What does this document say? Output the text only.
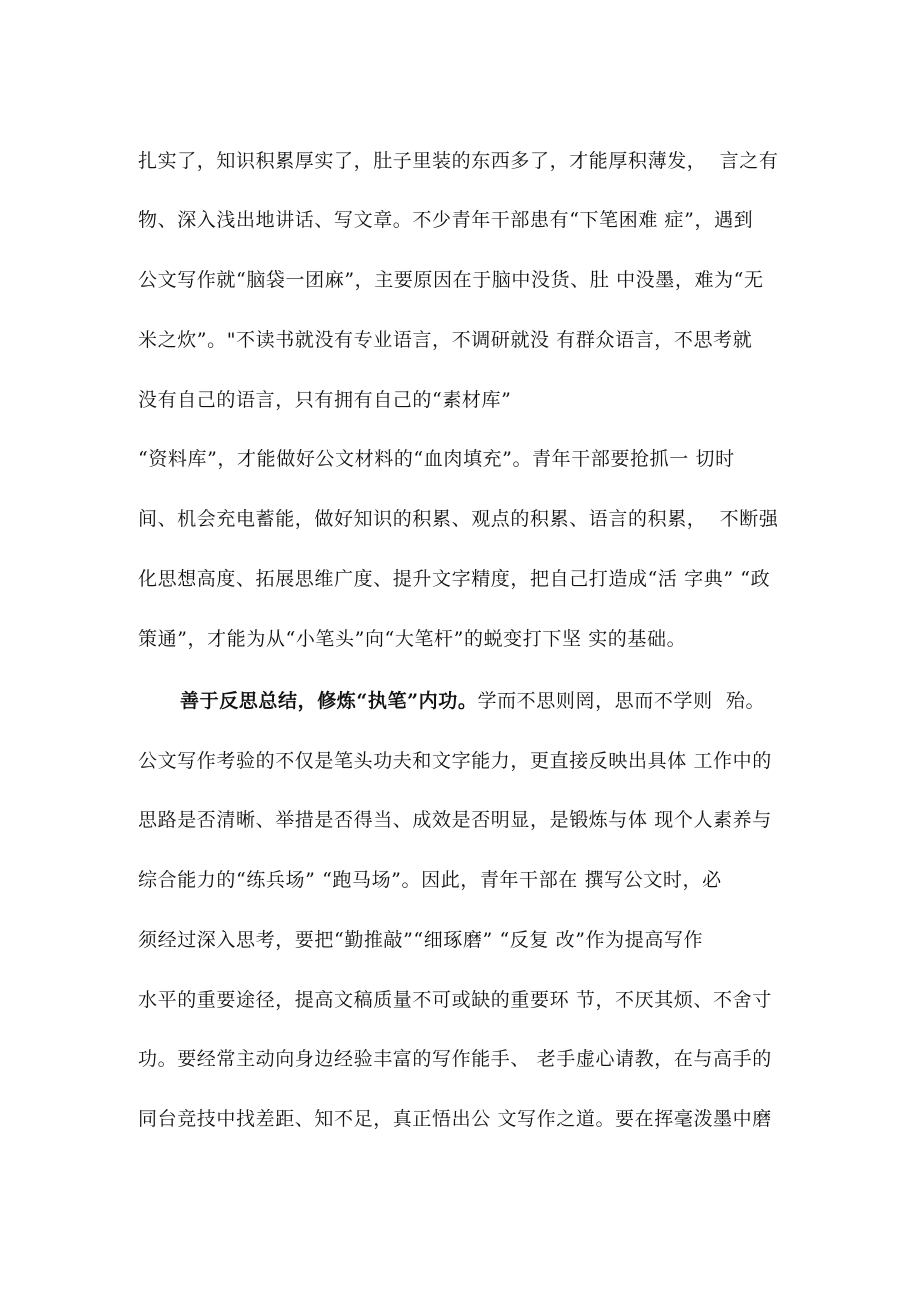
扎实了，知识积累厚实了，肚子里装的东西多了，才能厚积薄发，  言之有
物、深入浅出地讲话、写文章。不少青年干部患有“下笔困难 症”，遇到
公文写作就“脑袋一团麻”，主要原因在于脑中没货、肚 中没墨，难为“无
米之炊”。"不读书就没有专业语言，不调研就没 有群众语言，不思考就
没有自己的语言，只有拥有自己的“素材库”
“资料库”，才能做好公文材料的“血肉填充”。青年干部要抢抓一 切时
间、机会充电蓄能，做好知识的积累、观点的积累、语言的积累，  不断强
化思想高度、拓展思维广度、提升文字精度，把自己打造成“活 字典” “政
策通”，才能为从“小笔头”向“大笔杆”的蜕变打下坚 实的基础。
善于反思总结，修炼“执笔”内功。学而不思则罔，思而不学则  殆。
公文写作考验的不仅是笔头功夫和文字能力，更直接反映出具体 工作中的
思路是否清晰、举措是否得当、成效是否明显，是锻炼与体 现个人素养与
综合能力的“练兵场” “跑马场”。因此，青年干部在 撰写公文时，必
须经过深入思考，要把“勤推敲”“细琢磨” “反复 改”作为提高写作
水平的重要途径，提高文稿质量不可或缺的重要环 节，不厌其烦、不舍寸
功。要经常主动向身边经验丰富的写作能手、 老手虚心请教，在与高手的
同台竞技中找差距、知不足，真正悟出公 文写作之道。要在挥毫泼墨中磨
